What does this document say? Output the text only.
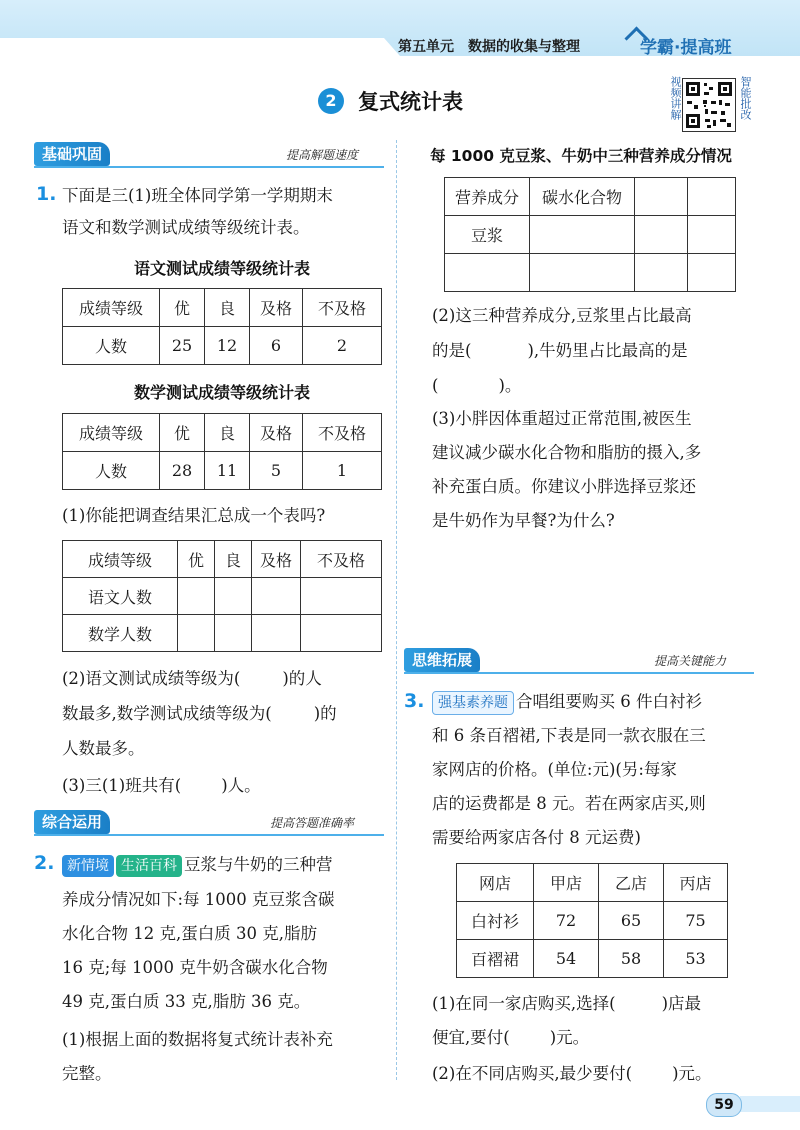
第五单元　数据的收集与整理	学霸·提高班
2	复式统计表	视频讲解	智能批改
基础巩固	提高解题速度
1. 下面是三(1)班全体同学第一学期期末
语文和数学测试成绩等级统计表。
语文测试成绩等级统计表
成绩等级	优	良	及格	不及格
人数	25	12	6	2
数学测试成绩等级统计表
成绩等级	优	良	及格	不及格
人数	28	11	5	1
(1)你能把调查结果汇总成一个表吗?
成绩等级	优	良	及格	不及格
语文人数				
数学人数				
(2)语文测试成绩等级为(	)的人
数最多,数学测试成绩等级为(	)的
人数最多。
(3)三(1)班共有( )人。
综合运用	提高答题准确率
2. 新情境 生活百科 豆浆与牛奶的三种营
养成分情况如下:每 1000 克豆浆含碳
水化合物 12 克,蛋白质 30 克,脂肪
16 克;每 1000 克牛奶含碳水化合物
49 克,蛋白质 33 克,脂肪 36 克。
(1)根据上面的数据将复式统计表补充
完整。
每 1000 克豆浆、牛奶中三种营养成分情况
营养成分	碳水化合物		
豆浆			

(2)这三种营养成分,豆浆里占比最高
的是(	),牛奶里占比最高的是
(	)。
(3)小胖因体重超过正常范围,被医生
建议减少碳水化合物和脂肪的摄入,多
补充蛋白质。你建议小胖选择豆浆还
是牛奶作为早餐?为什么?
思维拓展	提高关键能力
3. 强基素养题 合唱组要购买 6 件白衬衫
和 6 条百褶裙,下表是同一款衣服在三
家网店的价格。(单位:元)(另:每家
店的运费都是 8 元。若在两家店买,则
需要给两家店各付 8 元运费)
网店	甲店	乙店	丙店
白衬衫	72	65	75
百褶裙	54	58	53
(1)在同一家店购买,选择(	)店最
便宜,要付( )元。
(2)在不同店购买,最少要付( )元。
59
